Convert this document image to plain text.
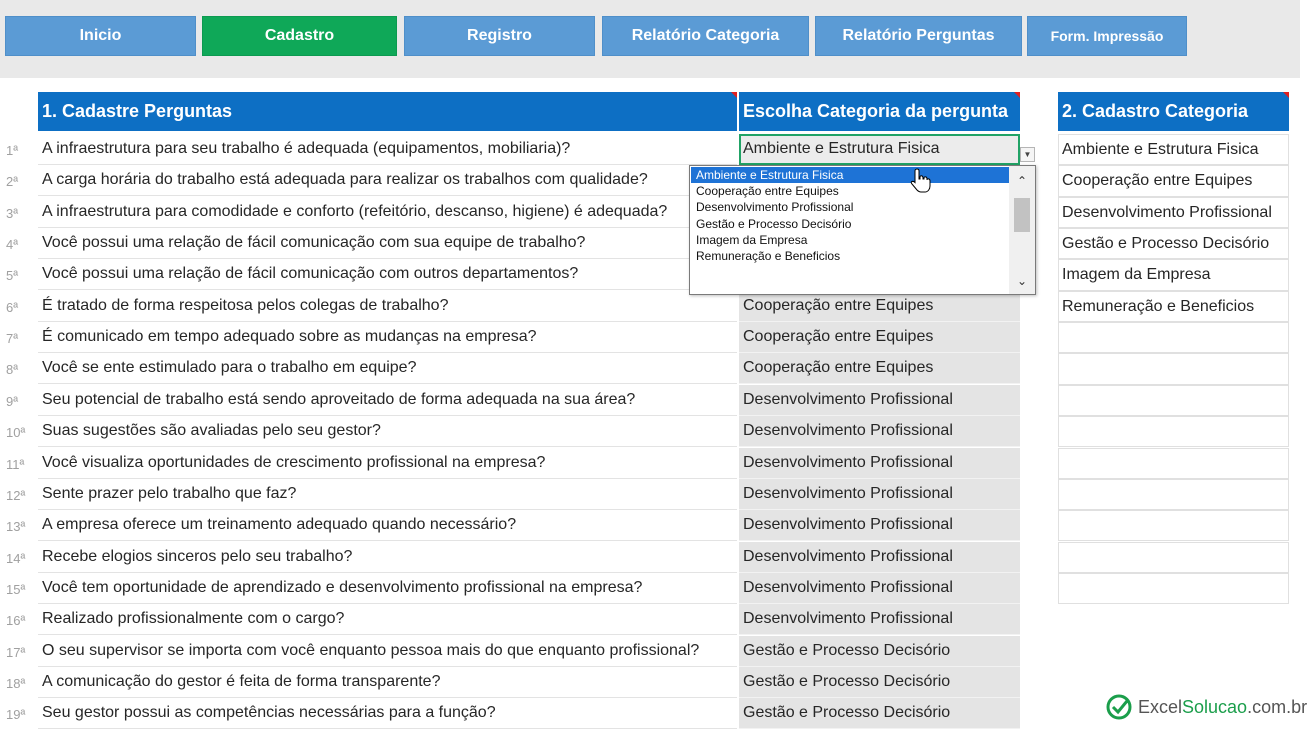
Inicio	Cadastro	Registro	Relatório Categoria	Relatório Perguntas	Form. Impressão
1. Cadastre Perguntas	Escolha Categoria da pergunta	2. Cadastro Categoria
1ª	A infraestrutura para seu trabalho é adequada (equipamentos, mobiliaria)?	Ambiente e Estrutura Fisica
2ª	A carga horária do trabalho está adequada para realizar os trabalhos com qualidade?
3ª	A infraestrutura para comodidade e conforto (refeitório, descanso, higiene) é adequada?
4ª	Você possui uma relação de fácil comunicação com sua equipe de trabalho?
5ª	Você possui uma relação de fácil comunicação com outros departamentos?
6ª	É tratado de forma respeitosa pelos colegas de trabalho?	Cooperação entre Equipes
7ª	É comunicado em tempo adequado sobre as mudanças na empresa?	Cooperação entre Equipes
8ª	Você se ente estimulado para o trabalho em equipe?	Cooperação entre Equipes
9ª	Seu potencial de trabalho está sendo aproveitado de forma adequada na sua área?	Desenvolvimento Profissional
10ª	Suas sugestões são avaliadas pelo seu gestor?	Desenvolvimento Profissional
11ª	Você visualiza oportunidades de crescimento profissional na empresa?	Desenvolvimento Profissional
12ª	Sente prazer pelo trabalho que faz?	Desenvolvimento Profissional
13ª	A empresa oferece um treinamento adequado quando necessário?	Desenvolvimento Profissional
14ª	Recebe elogios sinceros pelo seu trabalho?	Desenvolvimento Profissional
15ª	Você tem oportunidade de aprendizado e desenvolvimento profissional na empresa?	Desenvolvimento Profissional
16ª	Realizado profissionalmente com o cargo?	Desenvolvimento Profissional
17ª	O seu supervisor se importa com você enquanto pessoa mais do que enquanto profissional?	Gestão e Processo Decisório
18ª	A comunicação do gestor é feita de forma transparente?	Gestão e Processo Decisório
19ª	Seu gestor possui as competências necessárias para a função?	Gestão e Processo Decisório
Ambiente e Estrutura Fisica
Cooperação entre Equipes
Desenvolvimento Profissional
Gestão e Processo Decisório
Imagem da Empresa
Remuneração e Beneficios
▼
Ambiente e Estrutura Fisica
Cooperação entre Equipes
Desenvolvimento Profissional
Gestão e Processo Decisório
Imagem da Empresa
Remuneração e Beneficios
⌃
⌄
ExcelSolucao.com.br
